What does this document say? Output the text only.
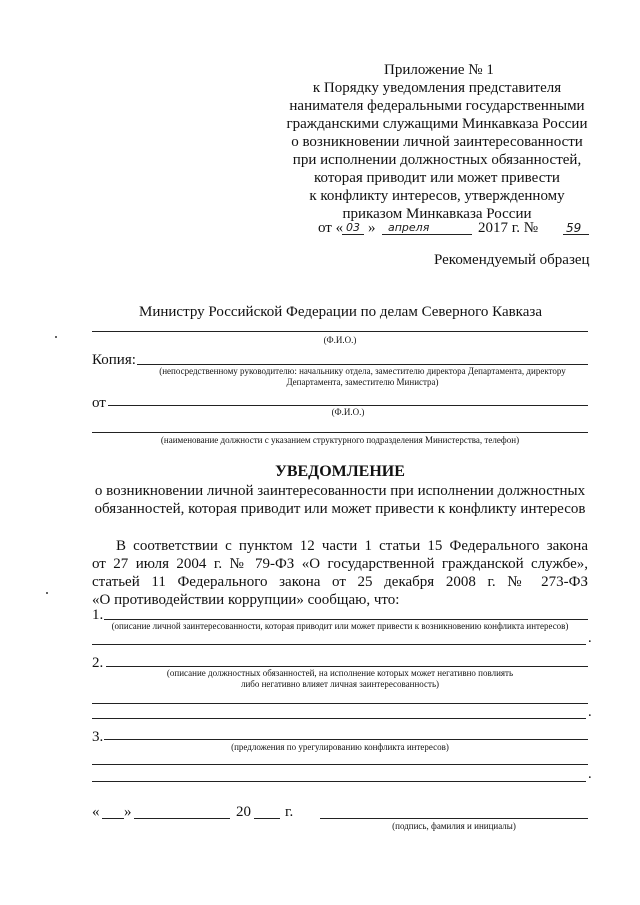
Приложение № 1
к Порядку уведомления представителя
нанимателя федеральными государственными
гражданскими служащими Минкавказа России
о возникновении личной заинтересованности
при исполнении должностных обязанностей,
которая приводит или может привести
к конфликту интересов, утвержденному
приказом Минкавказа России
от « 03 » апреля	2017 г. № 59
Рекомендуемый образец
Министру Российской Федерации по делам Северного Кавказа
(Ф.И.О.)
Копия:
(непосредственному руководителю: начальнику отдела, заместителю директора Департамента, директору
Департамента, заместителю Министра)
от
(Ф.И.О.)
(наименование должности с указанием структурного подразделения Министерства, телефон)
УВЕДОМЛЕНИЕ
о возникновении личной заинтересованности при исполнении должностных
обязанностей, которая приводит или может привести к конфликту интересов
В соответствии с пунктом 12 части 1 статьи 15 Федерального закона
от 27 июля 2004 г. № 79-ФЗ «О государственной гражданской службе»,
статьей 11 Федерального закона от 25 декабря 2008 г. № 273-ФЗ
«О противодействии коррупции» сообщаю, что:
1.
(описание личной заинтересованности, которая приводит или может привести к возникновению конфликта интересов)
.
2.
(описание должностных обязанностей, на исполнение которых может негативно повлиять
либо негативно влияет личная заинтересованность)
.
3.
(предложения по урегулированию конфликта интересов)
.
« »	20 г.
(подпись, фамилия и инициалы)
